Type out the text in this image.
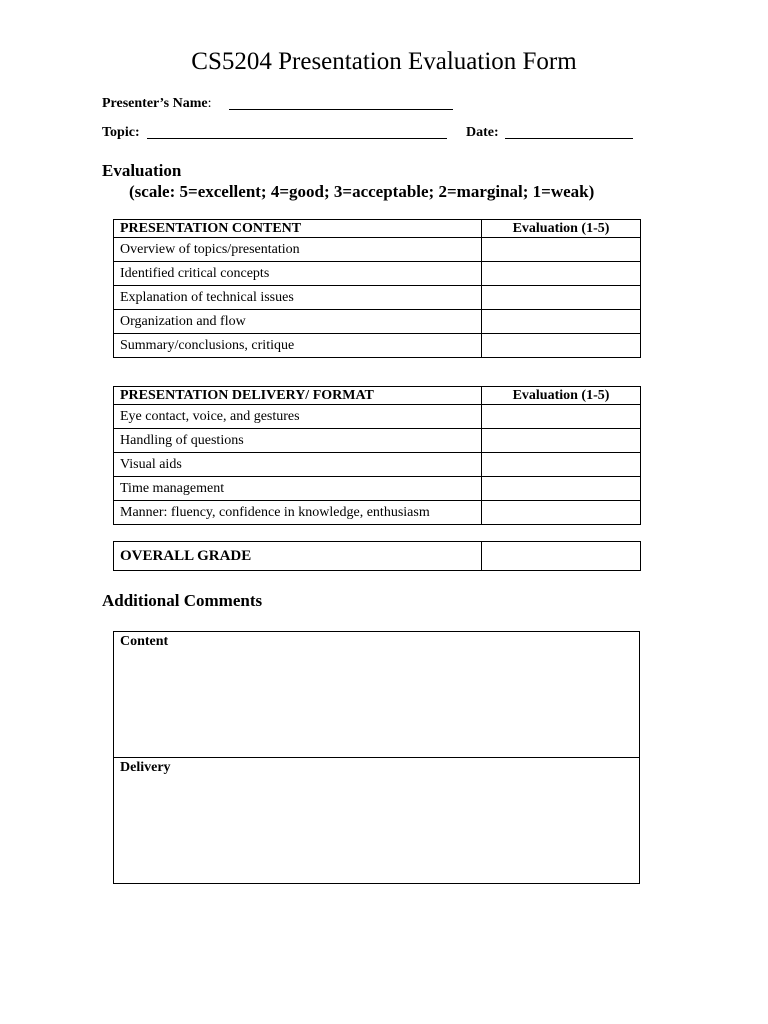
CS5204 Presentation Evaluation Form
Presenter’s Name:
Topic:	Date:
Evaluation
(scale: 5=excellent; 4=good; 3=acceptable; 2=marginal; 1=weak)
PRESENTATION CONTENT	Evaluation (1-5)
Overview of topics/presentation	
Identified critical concepts	
Explanation of technical issues	
Organization and flow	
Summary/conclusions, critique	
PRESENTATION DELIVERY/ FORMAT	Evaluation (1-5)
Eye contact, voice, and gestures	
Handling of questions	
Visual aids	
Time management	
Manner: fluency, confidence in knowledge, enthusiasm	
OVERALL GRADE	
Additional Comments
Content
Delivery
